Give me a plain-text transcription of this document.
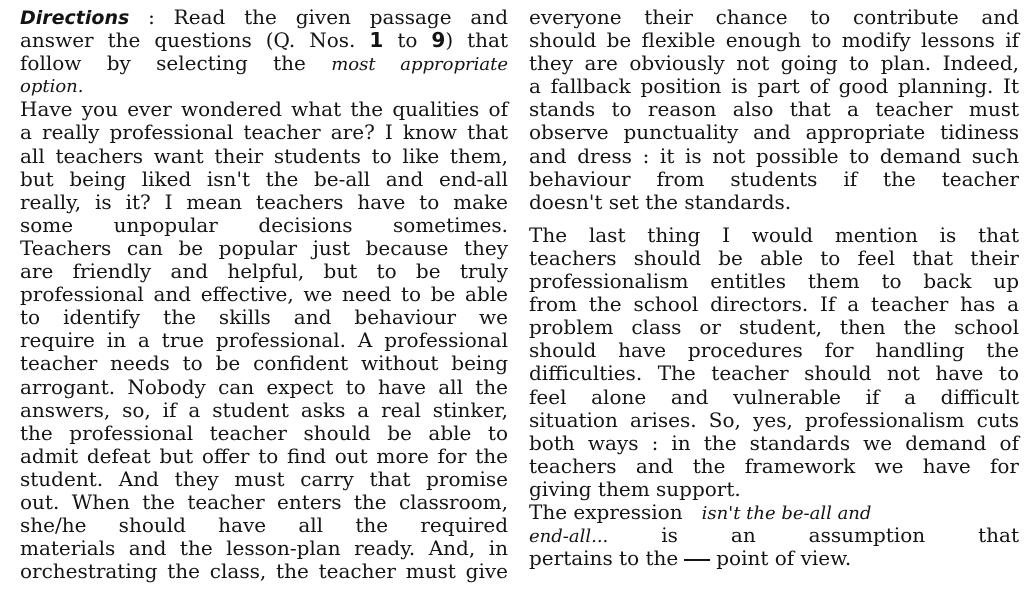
Directions : Read the given passage and
answer the questions (Q. Nos. 1 to 9) that
follow by selecting the most appropriate
option.
Have you ever wondered what the qualities of
a really professional teacher are? I know that
all teachers want their students to like them,
but being liked isn't the be-all and end-all
really, is it? I mean teachers have to make
some unpopular decisions sometimes.
Teachers can be popular just because they
are friendly and helpful, but to be truly
professional and effective, we need to be able
to identify the skills and behaviour we
require in a true professional. A professional
teacher needs to be confident without being
arrogant. Nobody can expect to have all the
answers, so, if a student asks a real stinker,
the professional teacher should be able to
admit defeat but offer to find out more for the
student. And they must carry that promise
out. When the teacher enters the classroom,
she/he should have all the required
materials and the lesson-plan ready. And, in
orchestrating the class, the teacher must give
everyone their chance to contribute and
should be flexible enough to modify lessons if
they are obviously not going to plan. Indeed,
a fallback position is part of good planning. It
stands to reason also that a teacher must
observe punctuality and appropriate tidiness
and dress : it is not possible to demand such
behaviour from students if the teacher
doesn't set the standards.
The last thing I would mention is that
teachers should be able to feel that their
professionalism entitles them to back up
from the school directors. If a teacher has a
problem class or student, then the school
should have procedures for handling the
difficulties. The teacher should not have to
feel alone and vulnerable if a difficult
situation arises. So, yes, professionalism cuts
both ways : in the standards we demand of
teachers and the framework we have for
giving them support.
The expression isn't the be-all and
end-all...	is an assumption that
pertains to the point of view.
